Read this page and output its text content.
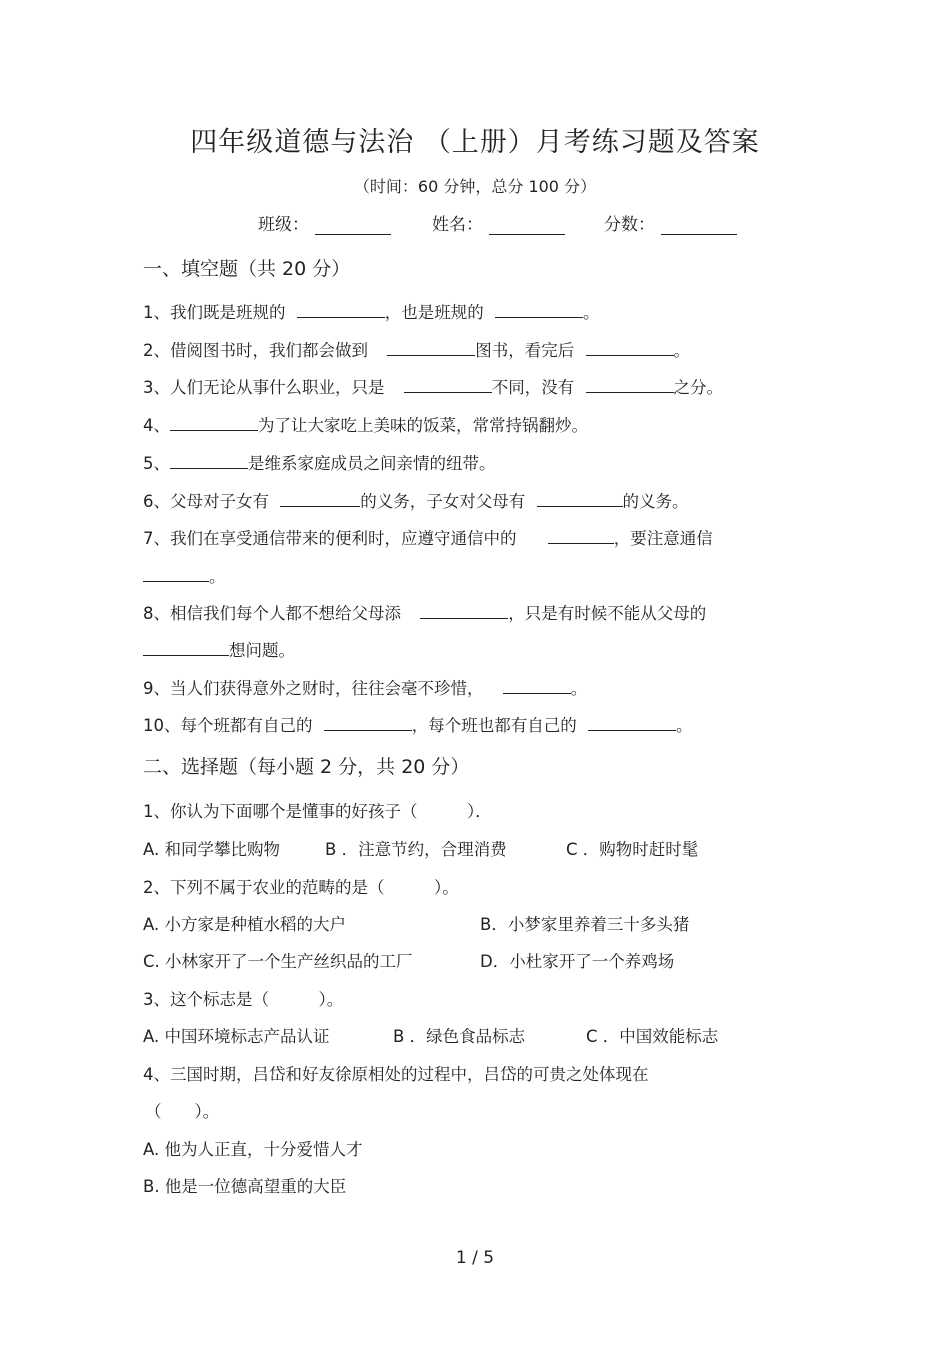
四年级道德与法治 （上册）月考练习题及答案
（时间：60 分钟，总分 100 分）
班级：	姓名：	分数：
一、填空题（共 20 分）
1、我们既是班规的	，也是班规的	。
2、借阅图书时，我们都会做到	图书，看完后	。
3、人们无论从事什么职业，只是	不同，没有	之分。
4、	为了让大家吃上美味的饭菜，常常持锅翻炒。
5、	是维系家庭成员之间亲情的纽带。
6、父母对子女有	的义务，子女对父母有	的义务。
7、我们在享受通信带来的便利时，应遵守通信中的	，要注意通信
。
8、相信我们每个人都不想给父母添	，只是有时候不能从父母的
想问题。
9、当人们获得意外之财时，往往会毫不珍惜，	。
10、每个班都有自己的	，每个班也都有自己的	。
二、选择题（每小题 2 分，共 20 分）
1、你认为下面哪个是懂事的好孩子（　　　）．
A. 和同学攀比购物	B ．注意节约，合理消费	C ．购物时赶时髦
2、下列不属于农业的范畴的是（　　　）。
A. 小方家是种植水稻的大户	B．小梦家里养着三十多头猪
C. 小林家开了一个生产丝织品的工厂	D．小杜家开了一个养鸡场
3、这个标志是（　　　）。
A. 中国环境标志产品认证	B ．绿色食品标志	C ．中国效能标志
4、三国时期，吕岱和好友徐原相处的过程中，吕岱的可贵之处体现在
（　　）。
A. 他为人正直，十分爱惜人才
B. 他是一位德高望重的大臣
1 / 5
